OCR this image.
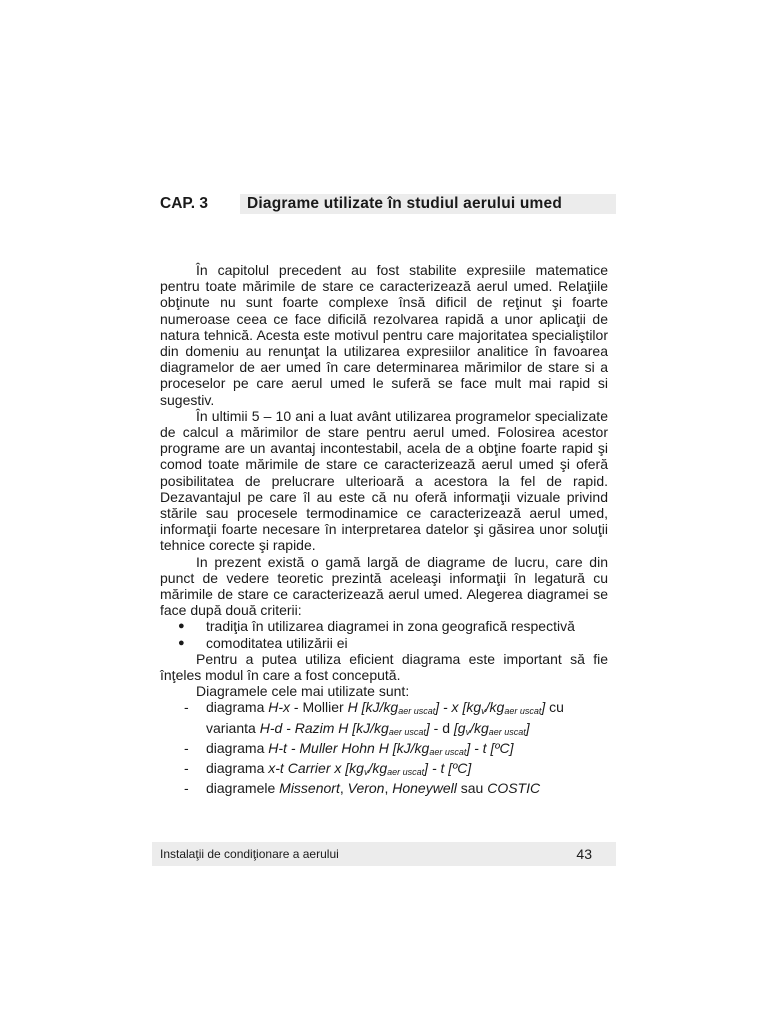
CAP. 3	Diagrame utilizate în studiul aerului umed

În capitolul precedent au fost stabilite expresiile matematice pentru toate mărimile de stare ce caracterizează aerul umed. Relaţiile obţinute nu sunt foarte complexe însă dificil de reţinut şi foarte numeroase ceea ce face dificilă rezolvarea rapidă a unor aplicaţii de natura tehnică. Acesta este motivul pentru care majoritatea specialiştilor din domeniu au renunţat la utilizarea expresiilor analitice în favoarea diagramelor de aer umed în care determinarea mărimilor de stare si a proceselor pe care aerul umed le suferă se face mult mai rapid si sugestiv.

În ultimii 5 – 10 ani a luat avânt utilizarea programelor specializate de calcul a mărimilor de stare pentru aerul umed. Folosirea acestor programe are un avantaj incontestabil, acela de a obţine foarte rapid şi comod toate mărimile de stare ce caracterizează aerul umed şi oferă posibilitatea de prelucrare ulterioară a acestora la fel de rapid. Dezavantajul pe care îl au este că nu oferă informaţii vizuale privind stările sau procesele termodinamice ce caracterizează aerul umed, informaţii foarte necesare în interpretarea datelor şi găsirea unor soluţii tehnice corecte şi rapide.

In prezent există o gamă largă de diagrame de lucru, care din punct de vedere teoretic prezintă aceleaşi informaţii în legatură cu mărimile de stare ce caracterizează aerul umed. Alegerea diagramei se face după două criterii:

● tradiţia în utilizarea diagramei in zona geografică respectivă
● comoditatea utilizării ei

Pentru a putea utiliza eficient diagrama este important să fie înţeles modul în care a fost concepută.

Diagramele cele mai utilizate sunt:

- diagrama H-x - Mollier H $[kJ/kg_{aer uscat}]$ - x $[kg_v/kg_{aer uscat}]$ cu varianta H-d - Razim H $[kJ/kg_{aer uscat}]$ - d $[g_v/kg_{aer uscat}]$
- diagrama H-t - Muller Hohn H $[kJ/kg_{aer uscat}]$ - t [ºC]
- diagrama x-t Carrier x $[kg_v/kg_{aer uscat}]$ - t [ºC]
- diagramele Missenort, Veron, Honeywell sau COSTIC
Instalaţii de condiţionare a aerului	43
